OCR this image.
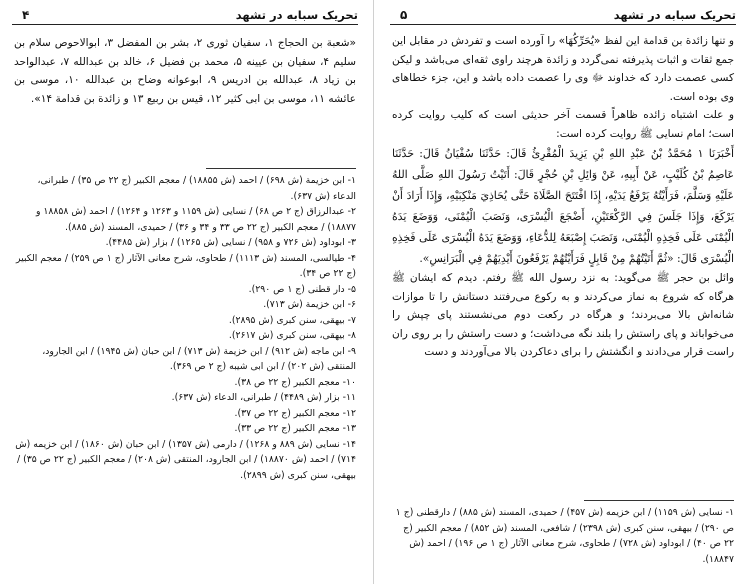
تحریک سبابه در تشهد
۴

«شعبة بن الحجاج ۱، سفیان ثوری ۲، بشر بن المفضل ۳، ابوالاحوص سلام بن سلیم ۴، سفیان بن عیینه ۵، محمد بن فضیل ۶، خالد بن عبدالله ۷، عبدالواحد بن زیاد ۸، عبدالله بن ادریس ۹، ابوعوانه وضاح بن عبدالله ۱۰، موسی بن عائشه ۱۱، موسی بن ابی کثیر ۱۲، قیس بن ربیع ۱۳ و زائدة بن قدامة ۱۴».

۱- ابن خزیمة (ش ۶۹۸) / احمد (ش ۱۸۸۵۵) / معجم الکبیر (ج ۲۲ ص ۳۵) / طبرانی، الدعاء (ش ۶۳۷).
۲- عبدالرزاق (ج ۲ ص ۶۸) / نسایی (ش ۱۱۵۹ و ۱۲۶۳ و ۱۲۶۴) / احمد (ش ۱۸۸۵۸ و ۱۸۸۷۷) / معجم الکبیر (ج ۲۲ ص ۳۳ و ۳۴ و ۳۶) / حمیدی، المسند (ش ۸۸۵).
۳- ابوداود (ش ۷۲۶ و ۹۵۸) / نسایی (ش ۱۲۶۵) / بزار (ش ۴۴۸۵).
۴- طیالسی، المسند (ش ۱۱۱۳) / طحاوی، شرح معانی الآثار (ج ۱ ص ۲۵۹) / معجم الکبیر (ج ۲۲ ص ۳۴).
۵- دار قطنی (ج ۱ ص ۲۹۰).
۶- ابن خزیمة (ش ۷۱۳).
۷- بیهقی، سنن کبری (ش ۲۸۹۵).
۸- بیهقی، سنن کبری (ش ۲۶۱۷).
۹- ابن ماجه (ش ۹۱۲) / ابن خزیمة (ش ۷۱۳) / ابن حبان (ش ۱۹۴۵) / ابن الجارود، المنتقی (ش ۲۰۲) / ابن ابی شیبه (ج ۲ ص ۳۶۹).
۱۰- معجم الکبیر (ج ۲۲ ص ۳۸).
۱۱- بزار (ش ۴۴۸۹) / طبرانی، الدعاء (ش ۶۳۷).
۱۲- معجم الکبیر (ج ۲۲ ص ۳۷).
۱۳- معجم الکبیر (ج ۲۲ ص ۳۳).
۱۴- نسایی (ش ۸۸۹ و ۱۲۶۸) / دارمی (ش ۱۳۵۷) / ابن حبان (ش ۱۸۶۰) / ابن خزیمه (ش ۷۱۴) / احمد (ش ۱۸۸۷۰) / ابن الجارود، المنتقی (ش ۲۰۸) / معجم الکبیر (ج ۲۲ ص ۳۵) / بیهقی، سنن کبری (ش ۲۸۹۹).
تحریک سبابه در تشهد
۵

و تنها زائدة بن قدامة این لفظ «يُحَرِّكُهَا» را آورده است و تفردش در مقابل این جمع ثقات و اثبات پذیرفته نمی‌گردد و زائدة هرچند راوی ثقه‌ای می‌باشد و لیکن کسی عصمت دارد که خداوند ﷻ وی را عصمت داده باشد و این، جزء خطاهای وی بوده است.

و علت اشتباه زائده ظاهراً قسمت آخر حدیثی است که کلیب روایت کرده است؛ امام نسایی ﷺ روایت کرده است:

أَخْبَرَنَا ۱ مُحَمَّدُ بْنُ عَبْدِ اللهِ بْنِ يَزِيدَ الْمُقْرِئُ قَالَ: حَدَّثَنَا سُفْيَانُ قَالَ: حَدَّثَنَا عَاصِمُ بْنُ كُلَيْبٍ، عَنْ أَبِيهِ، عَنْ وَائِلِ بْنِ حُجْرٍ قَالَ: أَتَيْتُ رَسُولَ اللهِ صَلَّى اللهُ عَلَيْهِ وَسَلَّمَ، فَرَأَيْتُهُ يَرْفَعُ يَدَيْهِ، إِذَا افْتَتَحَ الصَّلَاةَ حَتَّى يُحَاذِيَ مَنْكِبَيْهِ، وَإِذَا أَرَادَ أَنْ يَرْكَعَ، وَإِذَا جَلَسَ فِي الرَّكْعَتَيْنِ، أَضْجَعَ الْيُسْرَى، وَنَصَبَ الْيُمْنَى، وَوَضَعَ يَدَهُ الْيُمْنَى عَلَى فَخِذِهِ الْيُمْنَى، وَنَصَبَ إِصْبَعَهُ لِلدُّعَاءِ، وَوَضَعَ يَدَهُ الْيُسْرَى عَلَى فَخِذِهِ الْيُسْرَى قَالَ: «ثُمَّ أَتَيْتُهُمْ مِنْ قَابِلٍ فَرَأَيْتُهُمْ يَرْفَعُونَ أَيْدِيَهُمْ فِي الْبَرَانِسِ».

وائل بن حجر ﷺ می‌گوید: به نزد رسول الله ﷺ رفتم. دیدم که ایشان ﷺ هرگاه که شروع به نماز می‌کردند و به رکوع می‌رفتند دستانش را تا موازات شانه‌اش بالا می‌بردند؛ و هرگاه در رکعت دوم می‌نشستند پای چپش را می‌خواباند و پای راستش را بلند نگه می‌داشت؛ و دست راستش را بر روی ران راست قرار می‌دادند و انگشتش را برای دعاکردن بالا می‌آوردند و دست

۱- نسایی (ش ۱۱۵۹) / ابن خزیمه (ش ۴۵۷) / حمیدی، المسند (ش ۸۸۵) / دارقطنی (ج ۱ ص ۲۹۰) / بیهقی، سنن کبری (ش ۲۳۹۸) / شافعی، المسند (ش ۸۵۲) / معجم الکبیر (ج ۲۲ ص ۴۰) / ابوداود (ش ۷۲۸) / طحاوی، شرح معانی الآثار (ج ۱ ص ۱۹۶) / احمد (ش ۱۸۸۴۷).
